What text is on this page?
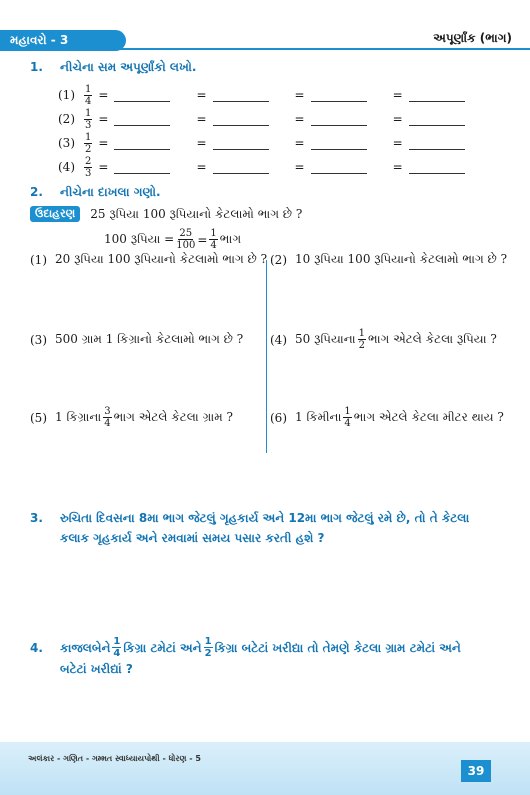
મહાવરો - 3	અપૂર્ણાંક (ભાગ)
1. નીચેના સમ અપૂર્ણાંકો લખો.
$(1) \frac{1}{4}$ =	=	=	=
$(2) \frac{1}{3}$ =	=	=	=
$(3) \frac{1}{2}$ =	=	=	=
$(4) \frac{2}{3}$ =	=	=	=
2. નીચેના દાખલા ગણો.
ઉદાહરણ	25 રૂપિયા 100 રૂપિયાનો કેટલામો ભાગ છે ?
100 રૂપિયા = $\frac{25}{100} = \frac{1}{4}$ ભાગ
(1) 20 રૂપિયા 100 રૂપિયાનો કેટલામો ભાગ છે ? (2) 10 રૂપિયા 100 રૂપિયાનો કેટલામો ભાગ છે ?
(3) 500 ગ્રામ 1 કિગ્રાનો કેટલામો ભાગ છે ? (4) 50 રૂપિયાના $\frac{1}{2}$ ભાગ એટલે કેટલા રૂપિયા ?
(5) 1 કિગ્રાના $\frac{3}{4}$ ભાગ એટલે કેટલા ગ્રામ ?	(6) 1 કિમીના $\frac{1}{4}$ ભાગ એટલે કેટલા મીટર થાય ?
3. રુચિતા દિવસના 8મા ભાગ જેટલું ગૃહકાર્ય અને 12મા ભાગ જેટલું રમે છે, તો તે કેટલા
કલાક ગૃહકાર્ય અને રમવામાં સમય પસાર કરતી હશે ?
4.	કાજલબેને $\frac{1}{4}$ કિગ્રા ટમેટાં અને $\frac{1}{2}$ કિગ્રા બટેટાં ખરીદ્યા તો તેમણે કેટલા ગ્રામ ટમેટાં અને
બટેટાં ખરીદ્યાં ?
અલંકાર - ગણિત - ગમ્મત સ્વાધ્યાયપોથી - ધોરણ - 5
39
